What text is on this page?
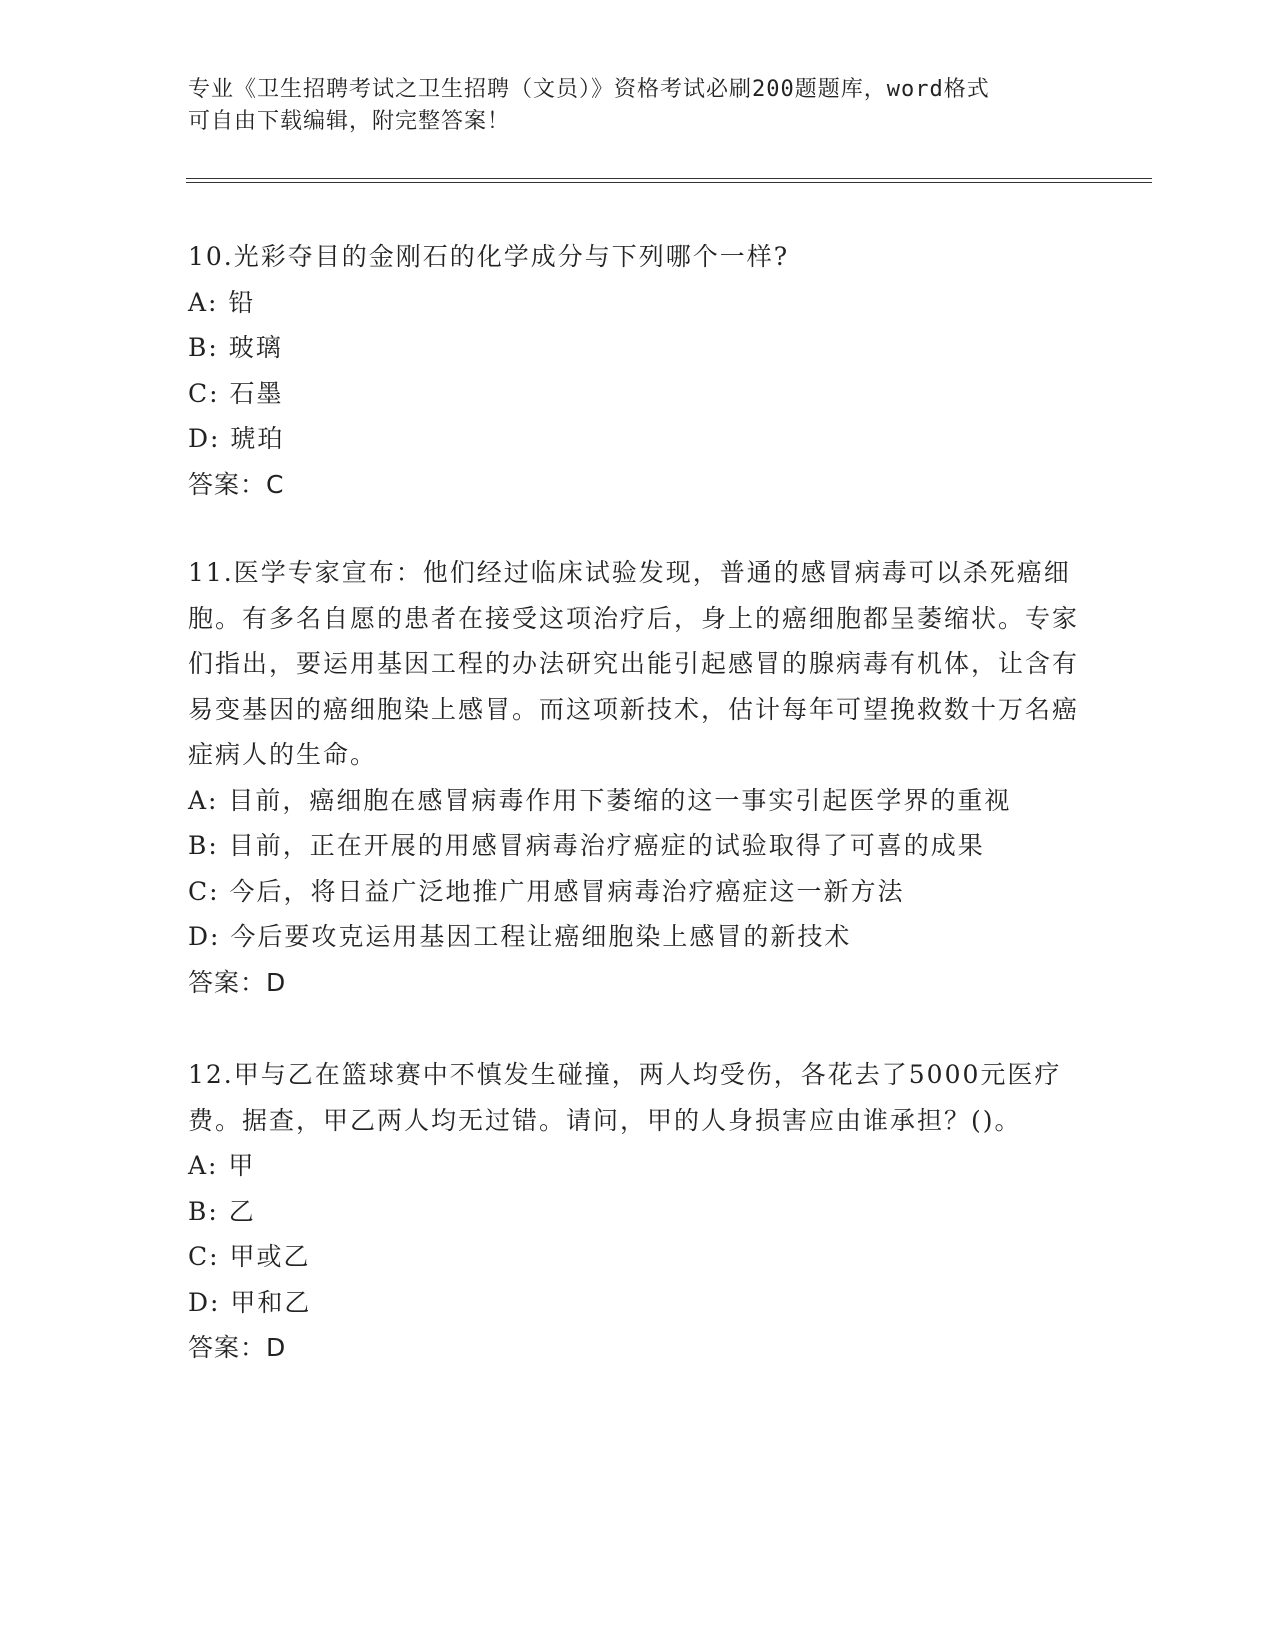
专业《卫生招聘考试之卫生招聘（文员）》资格考试必刷200题题库，word格式

可自由下载编辑，附完整答案！

10.光彩夺目的金刚石的化学成分与下列哪个一样?

A: 铅

B: 玻璃

C: 石墨

D: 琥珀

答案：C

11.医学专家宣布：他们经过临床试验发现，普通的感冒病毒可以杀死癌细胞。有多名自愿的患者在接受这项治疗后，身上的癌细胞都呈萎缩状。专家们指出，要运用基因工程的办法研究出能引起感冒的腺病毒有机体，让含有易变基因的癌细胞染上感冒。而这项新技术，估计每年可望挽救数十万名癌症病人的生命。

A: 目前，癌细胞在感冒病毒作用下萎缩的这一事实引起医学界的重视

B: 目前，正在开展的用感冒病毒治疗癌症的试验取得了可喜的成果

C: 今后，将日益广泛地推广用感冒病毒治疗癌症这一新方法

D: 今后要攻克运用基因工程让癌细胞染上感冒的新技术

答案：D

12.甲与乙在篮球赛中不慎发生碰撞，两人均受伤，各花去了5000元医疗费。据查，甲乙两人均无过错。请问，甲的人身损害应由谁承担？()。

A: 甲

B: 乙

C: 甲或乙

D: 甲和乙

答案：D
